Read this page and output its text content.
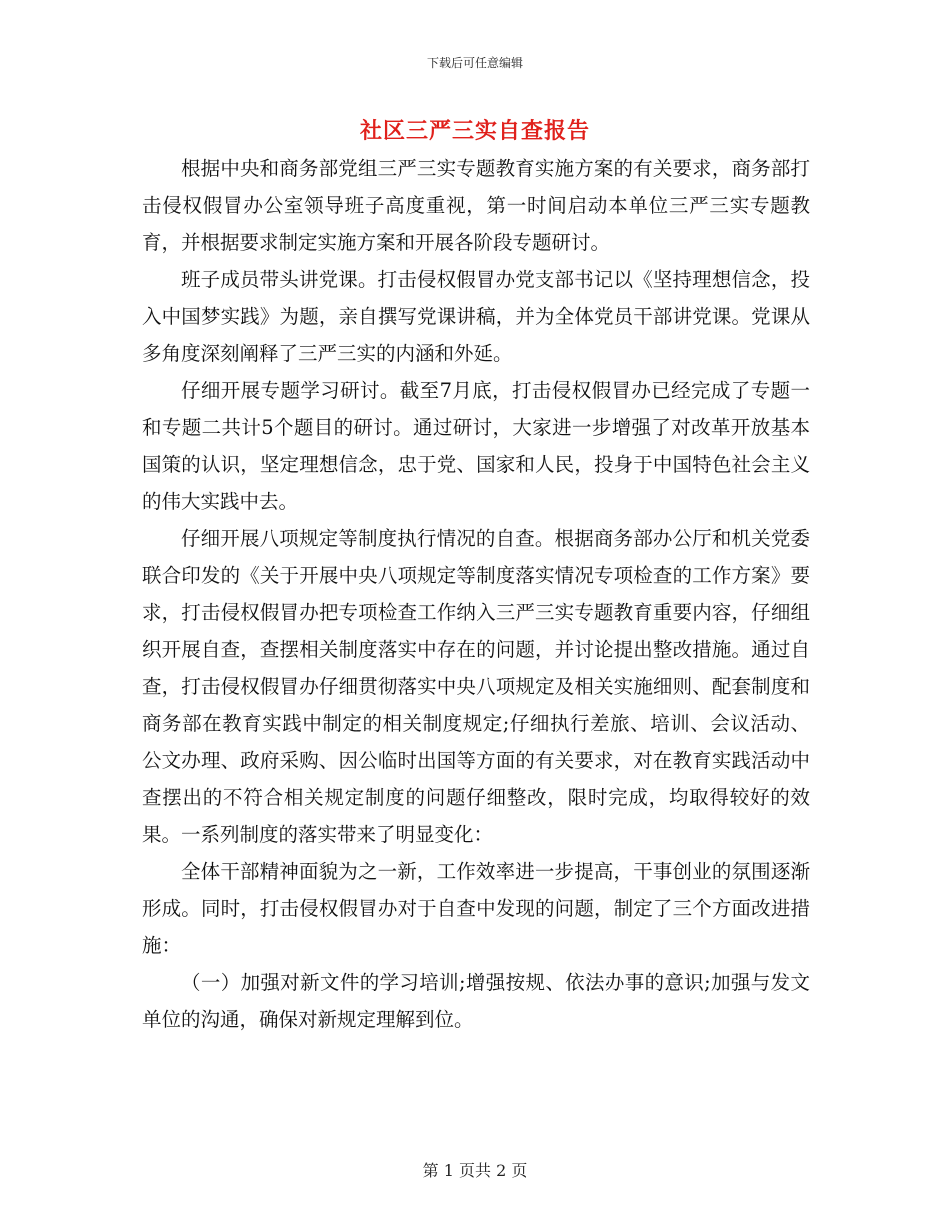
下载后可任意编辑
社区三严三实自查报告

根据中央和商务部党组三严三实专题教育实施方案的有关要求，商务部打击侵权假冒办公室领导班子高度重视，第一时间启动本单位三严三实专题教育，并根据要求制定实施方案和开展各阶段专题研讨。

班子成员带头讲党课。打击侵权假冒办党支部书记以《坚持理想信念，投入中国梦实践》为题，亲自撰写党课讲稿，并为全体党员干部讲党课。党课从多角度深刻阐释了三严三实的内涵和外延。

仔细开展专题学习研讨。截至7月底，打击侵权假冒办已经完成了专题一和专题二共计5个题目的研讨。通过研讨，大家进一步增强了对改革开放基本国策的认识，坚定理想信念，忠于党、国家和人民，投身于中国特色社会主义的伟大实践中去。

仔细开展八项规定等制度执行情况的自查。根据商务部办公厅和机关党委联合印发的《关于开展中央八项规定等制度落实情况专项检查的工作方案》要求，打击侵权假冒办把专项检查工作纳入三严三实专题教育重要内容，仔细组织开展自查，查摆相关制度落实中存在的问题，并讨论提出整改措施。通过自查，打击侵权假冒办仔细贯彻落实中央八项规定及相关实施细则、配套制度和商务部在教育实践中制定的相关制度规定;仔细执行差旅、培训、会议活动、公文办理、政府采购、因公临时出国等方面的有关要求，对在教育实践活动中查摆出的不符合相关规定制度的问题仔细整改，限时完成，均取得较好的效果。一系列制度的落实带来了明显变化：

全体干部精神面貌为之一新，工作效率进一步提高，干事创业的氛围逐渐形成。同时，打击侵权假冒办对于自查中发现的问题，制定了三个方面改进措施：

（一）加强对新文件的学习培训;增强按规、依法办事的意识;加强与发文单位的沟通，确保对新规定理解到位。

第 1 页共 2 页
